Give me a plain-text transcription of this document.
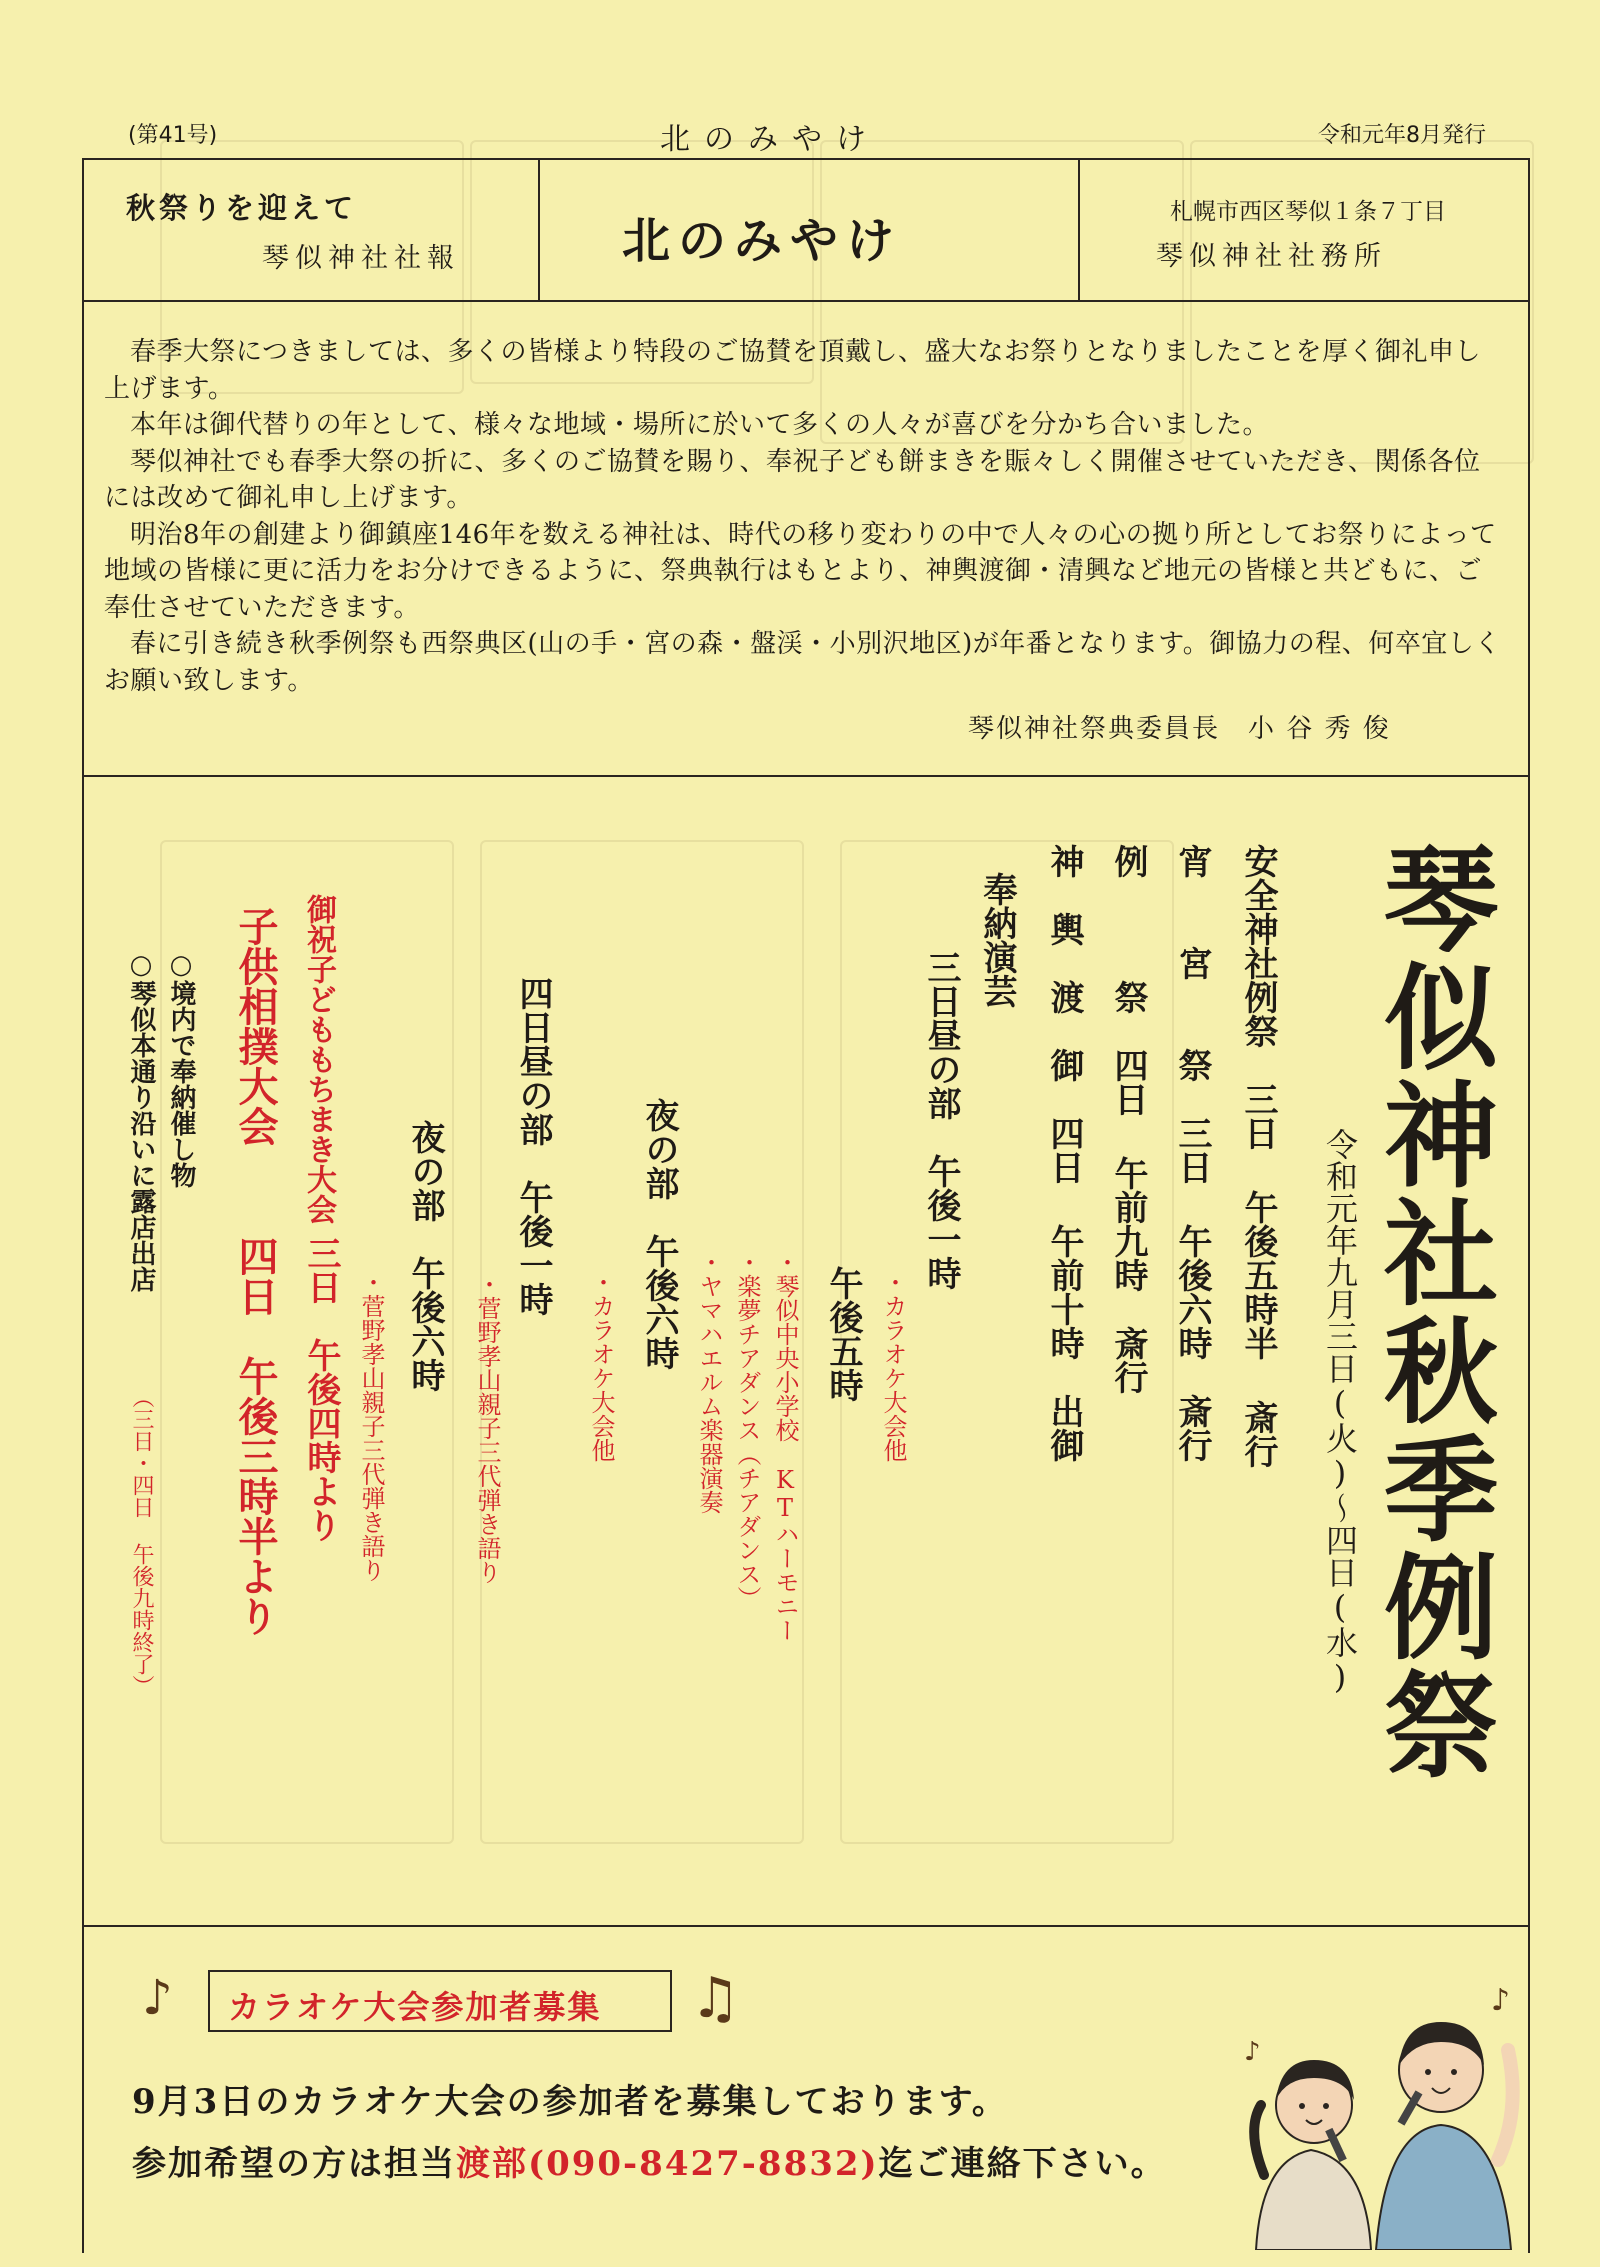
(第41号)	北のみやけ	令和元年8月発行
秋祭りを迎えて
琴似神社社報	北のみやけ
札幌市西区琴似１条７丁目
琴似神社社務所

春季大祭につきましては、多くの皆様より特段のご協賛を頂戴し、盛大なお祭りとなりましたことを厚く御礼申し上げます。

本年は御代替りの年として、様々な地域・場所に於いて多くの人々が喜びを分かち合いました。

琴似神社でも春季大祭の折に、多くのご協賛を賜り、奉祝子ども餅まきを賑々しく開催させていただき、関係各位には改めて御礼申し上げます。

明治8年の創建より御鎮座146年を数える神社は、時代の移り変わりの中で人々の心の拠り所としてお祭りによって地域の皆様に更に活力をお分けできるように、祭典執行はもとより、神輿渡御・清興など地元の皆様と共どもに、ご奉仕させていただきます。

春に引き続き秋季例祭も西祭典区(山の手・宮の森・盤渓・小別沢地区)が年番となります。御協力の程、何卒宜しくお願い致します。

琴似神社祭典委員長　小 谷 秀 俊
琴似神社秋季例祭
令和元年九月三日(火)〜四日(水)
安全神社例祭　三日 午後五時半 斎行
宵　　宮　　祭　三日 午後六時　斎行
例　　　祭　四日 午前九時　斎行
神　輿　渡　御　四日 午前十時　出御
奉納演芸
三日昼の部　午後一時
・カラオケ大会他
午後五時
・琴似中央小学校　KTハーモニー
・楽夢チアダンス（チアダンス）
・ヤマハエルム楽器演奏
夜の部　午後六時
・カラオケ大会他
四日昼の部　午後一時
・菅野孝山親子三代弾き語り
夜の部　午後六時
・菅野孝山親子三代弾き語り
御祝子どももちまき大会
三日　午後四時より
子供相撲大会
四日　午後三時半より
○境内で奉納催し物
○琴似本通り沿いに露店出店
（三日・四日 午後九時終了）
♪ カラオケ大会参加者募集 ♫
9月3日のカラオケ大会の参加者を募集しております。
参加希望の方は担当渡部(090-8427-8832)迄ご連絡下さい。
♪
♪
